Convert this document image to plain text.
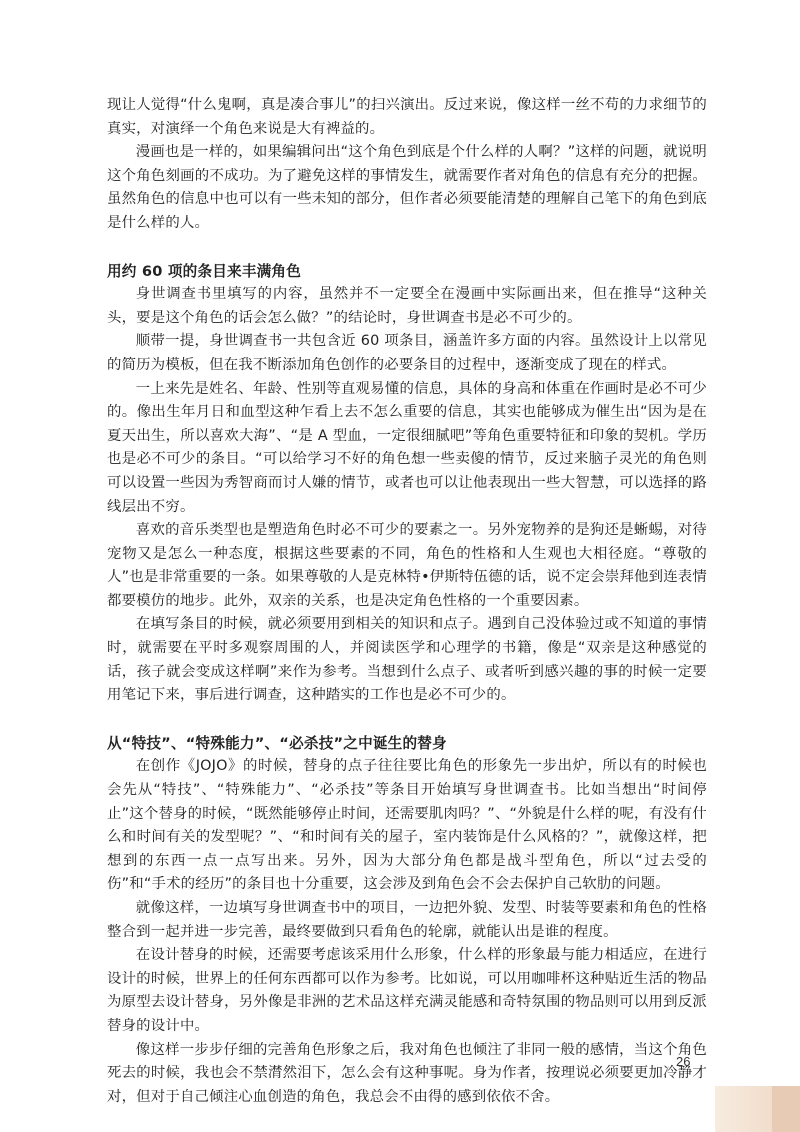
现让人觉得“什么鬼啊，真是凑合事儿”的扫兴演出。反过来说，像这样一丝不苟的力求细节的真实，对演绎一个角色来说是大有裨益的。

漫画也是一样的，如果编辑问出“这个角色到底是个什么样的人啊？”这样的问题，就说明这个角色刻画的不成功。为了避免这样的事情发生，就需要作者对角色的信息有充分的把握。虽然角色的信息中也可以有一些未知的部分，但作者必须要能清楚的理解自己笔下的角色到底是什么样的人。

用约 60 项的条目来丰满角色

身世调查书里填写的内容，虽然并不一定要全在漫画中实际画出来，但在推导“这种关头，要是这个角色的话会怎么做？”的结论时，身世调查书是必不可少的。

顺带一提，身世调查书一共包含近 60 项条目，涵盖许多方面的内容。虽然设计上以常见的简历为模板，但在我不断添加角色创作的必要条目的过程中，逐渐变成了现在的样式。

一上来先是姓名、年龄、性别等直观易懂的信息，具体的身高和体重在作画时是必不可少的。像出生年月日和血型这种乍看上去不怎么重要的信息，其实也能够成为催生出“因为是在夏天出生，所以喜欢大海”、“是 A 型血，一定很细腻吧”等角色重要特征和印象的契机。学历也是必不可少的条目。“可以给学习不好的角色想一些卖傻的情节，反过来脑子灵光的角色则可以设置一些因为秀智商而讨人嫌的情节，或者也可以让他表现出一些大智慧，可以选择的路线层出不穷。

喜欢的音乐类型也是塑造角色时必不可少的要素之一。另外宠物养的是狗还是蜥蜴，对待宠物又是怎么一种态度，根据这些要素的不同，角色的性格和人生观也大相径庭。“尊敬的人”也是非常重要的一条。如果尊敬的人是克林特•伊斯特伍德的话，说不定会崇拜他到连表情都要模仿的地步。此外，双亲的关系，也是决定角色性格的一个重要因素。

在填写条目的时候，就必须要用到相关的知识和点子。遇到自己没体验过或不知道的事情时，就需要在平时多观察周围的人，并阅读医学和心理学的书籍，像是“双亲是这种感觉的话，孩子就会变成这样啊”来作为参考。当想到什么点子、或者听到感兴趣的事的时候一定要用笔记下来，事后进行调查，这种踏实的工作也是必不可少的。

从“特技”、“特殊能力”、“必杀技”之中诞生的替身

在创作《JOJO》的时候，替身的点子往往要比角色的形象先一步出炉，所以有的时候也会先从“特技”、“特殊能力”、“必杀技”等条目开始填写身世调查书。比如当想出“时间停止”这个替身的时候，“既然能够停止时间，还需要肌肉吗？”、“外貌是什么样的呢，有没有什么和时间有关的发型呢？”、“和时间有关的屋子，室内装饰是什么风格的？”，就像这样，把想到的东西一点一点写出来。另外，因为大部分角色都是战斗型角色，所以“过去受的伤”和“手术的经历”的条目也十分重要，这会涉及到角色会不会去保护自己软肋的问题。

就像这样，一边填写身世调查书中的项目，一边把外貌、发型、时装等要素和角色的性格整合到一起并进一步完善，最终要做到只看角色的轮廓，就能认出是谁的程度。

在设计替身的时候，还需要考虑该采用什么形象，什么样的形象最与能力相适应，在进行设计的时候，世界上的任何东西都可以作为参考。比如说，可以用咖啡杯这种贴近生活的物品为原型去设计替身，另外像是非洲的艺术品这样充满灵能感和奇特氛围的物品则可以用到反派替身的设计中。

像这样一步步仔细的完善角色形象之后，我对角色也倾注了非同一般的感情，当这个角色死去的时候，我也会不禁潸然泪下，怎么会有这种事呢。身为作者，按理说必须要更加冷静才对，但对于自己倾注心血创造的角色，我总会不由得的感到依依不舍。

26
